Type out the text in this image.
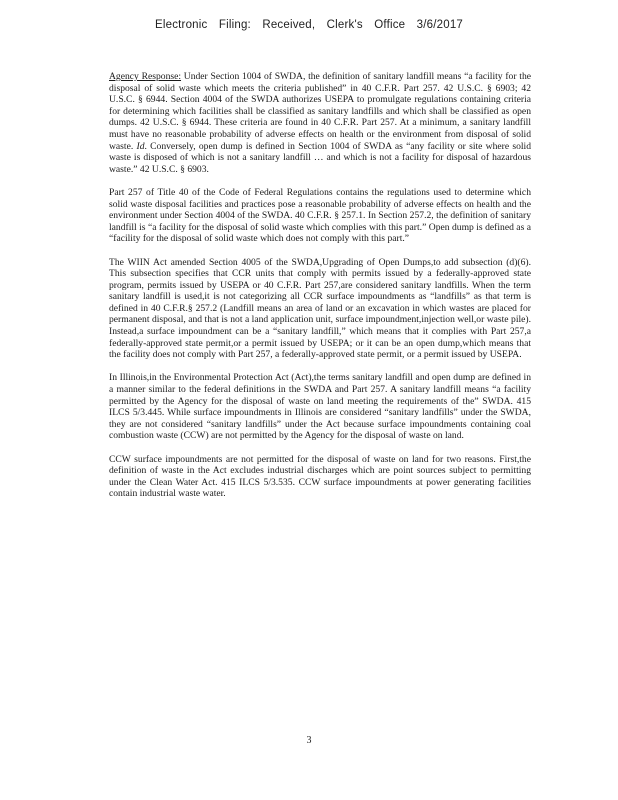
Electronic Filing: Received, Clerk's Office 3/6/2017

Agency Response: Under Section 1004 of SWDA, the definition of sanitary landfill means “a facility for the disposal of solid waste which meets the criteria published” in 40 C.F.R. Part 257. 42 U.S.C. § 6903; 42 U.S.C. § 6944. Section 4004 of the SWDA authorizes USEPA to promulgate regulations containing criteria for determining which facilities shall be classified as sanitary landfills and which shall be classified as open dumps. 42 U.S.C. § 6944. These criteria are found in 40 C.F.R. Part 257. At a minimum, a sanitary landfill must have no reasonable probability of adverse effects on health or the environment from disposal of solid waste. Id. Conversely, open dump is defined in Section 1004 of SWDA as “any facility or site where solid waste is disposed of which is not a sanitary landfill … and which is not a facility for disposal of hazardous waste.” 42 U.S.C. § 6903.

Part 257 of Title 40 of the Code of Federal Regulations contains the regulations used to determine which solid waste disposal facilities and practices pose a reasonable probability of adverse effects on health and the environment under Section 4004 of the SWDA. 40 C.F.R. § 257.1. In Section 257.2, the definition of sanitary landfill is “a facility for the disposal of solid waste which complies with this part.” Open dump is defined as a “facility for the disposal of solid waste which does not comply with this part.”

The WIIN Act amended Section 4005 of the SWDA,Upgrading of Open Dumps,to add subsection (d)(6). This subsection specifies that CCR units that comply with permits issued by a federally-approved state program, permits issued by USEPA or 40 C.F.R. Part 257,are considered sanitary landfills. When the term sanitary landfill is used,it is not categorizing all CCR surface impoundments as “landfills” as that term is defined in 40 C.F.R.§ 257.2 (Landfill means an area of land or an excavation in which wastes are placed for permanent disposal, and that is not a land application unit, surface impoundment,injection well,or waste pile). Instead,a surface impoundment can be a “sanitary landfill,” which means that it complies with Part 257,a federally-approved state permit,or a permit issued by USEPA; or it can be an open dump,which means that the facility does not comply with Part 257, a federally-approved state permit, or a permit issued by USEPA.

In Illinois,in the Environmental Protection Act (Act),the terms sanitary landfill and open dump are defined in a manner similar to the federal definitions in the SWDA and Part 257. A sanitary landfill means “a facility permitted by the Agency for the disposal of waste on land meeting the requirements of the” SWDA. 415 ILCS 5/3.445. While surface impoundments in Illinois are considered “sanitary landfills” under the SWDA, they are not considered “sanitary landfills” under the Act because surface impoundments containing coal combustion waste (CCW) are not permitted by the Agency for the disposal of waste on land.

CCW surface impoundments are not permitted for the disposal of waste on land for two reasons. First,the definition of waste in the Act excludes industrial discharges which are point sources subject to permitting under the Clean Water Act. 415 ILCS 5/3.535. CCW surface impoundments at power generating facilities contain industrial waste water.

3
